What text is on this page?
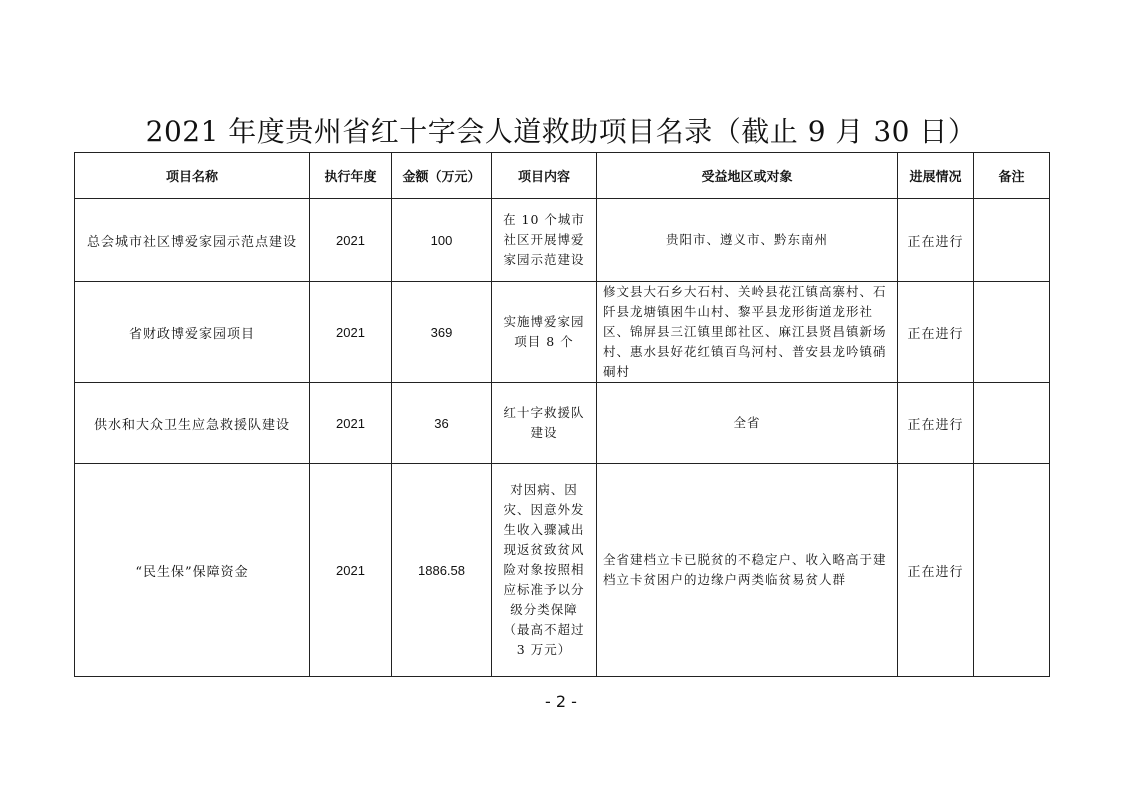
2021 年度贵州省红十字会人道救助项目名录（截止 9 月 30 日）
项目名称	执行年度	金额（万元）	项目内容	受益地区或对象	进展情况	备注
总会城市社区博爱家园示范点建设	2021	100	在 10 个城市社区开展博爱家园示范建设	贵阳市、遵义市、黔东南州	正在进行	
省财政博爱家园项目	2021	369	实施博爱家园项目 8 个	修文县大石乡大石村、关岭县花江镇高寨村、石阡县龙塘镇困牛山村、黎平县龙形街道龙形社区、锦屏县三江镇里郎社区、麻江县贤昌镇新场村、惠水县好花红镇百鸟河村、普安县龙吟镇硝硐村	正在进行	
供水和大众卫生应急救援队建设	2021	36	红十字救援队建设	全省	正在进行	
“民生保”保障资金	2021	1886.58	对因病、因灾、因意外发生收入骤减出现返贫致贫风险对象按照相应标准予以分级分类保障（最高不超过 3 万元）	全省建档立卡已脱贫的不稳定户、收入略高于建档立卡贫困户的边缘户两类临贫易贫人群	正在进行	
- 2 -
